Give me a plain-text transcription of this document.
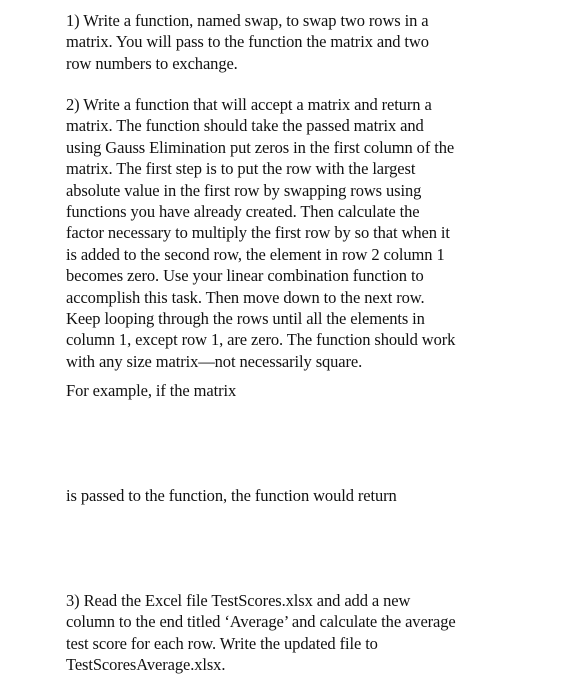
1) Write a function, named swap, to swap two rows in a
matrix. You will pass to the function the matrix and two
row numbers to exchange.

2) Write a function that will accept a matrix and return a
matrix. The function should take the passed matrix and
using Gauss Elimination put zeros in the first column of the
matrix. The first step is to put the row with the largest
absolute value in the first row by swapping rows using
functions you have already created. Then calculate the
factor necessary to multiply the first row by so that when it
is added to the second row, the element in row 2 column 1
becomes zero. Use your linear combination function to
accomplish this task. Then move down to the next row.
Keep looping through the rows until all the elements in
column 1, except row 1, are zero. The function should work
with any size matrix—not necessarily square.

For example, if the matrix

is passed to the function, the function would return

3) Read the Excel file TestScores.xlsx and add a new
column to the end titled ‘Average’ and calculate the average
test score for each row. Write the updated file to
TestScoresAverage.xlsx.
